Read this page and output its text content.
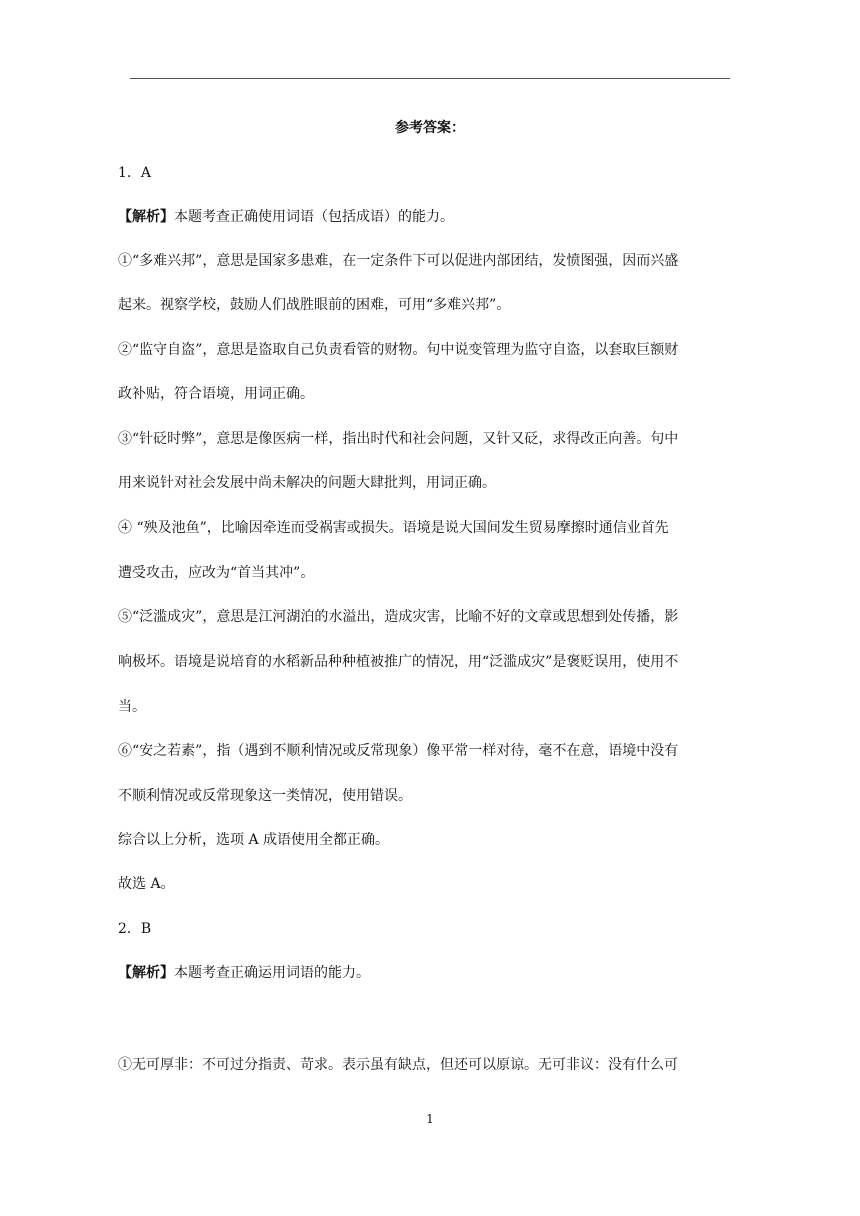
参考答案：
1．A
【解析】本题考查正确使用词语（包括成语）的能力。
①“多难兴邦”，意思是国家多患难，在一定条件下可以促进内部团结，发愤图强，因而兴盛
起来。视察学校，鼓励人们战胜眼前的困难，可用“多难兴邦”。
②“监守自盗”，意思是盗取自己负责看管的财物。句中说变管理为监守自盗，以套取巨额财
政补贴，符合语境，用词正确。
③“针砭时弊”，意思是像医病一样，指出时代和社会问题，又针又砭，求得改正向善。句中
用来说针对社会发展中尚未解决的问题大肆批判，用词正确。
④ “殃及池鱼”，比喻因牵连而受祸害或损失。语境是说大国间发生贸易摩擦时通信业首先
遭受攻击，应改为“首当其冲”。
⑤“泛滥成灾”，意思是江河湖泊的水溢出，造成灾害，比喻不好的文章或思想到处传播，影
响极坏。语境是说培育的水稻新品种种植被推广的情况，用“泛滥成灾”是褒贬误用，使用不
当。
⑥“安之若素”，指（遇到不顺利情况或反常现象）像平常一样对待，毫不在意，语境中没有
不顺利情况或反常现象这一类情况，使用错误。
综合以上分析，选项 A 成语使用全都正确。
故选 A。
2．B
【解析】本题考查正确运用词语的能力。
①无可厚非：不可过分指责、苛求。表示虽有缺点，但还可以原谅。无可非议：没有什么可
1
